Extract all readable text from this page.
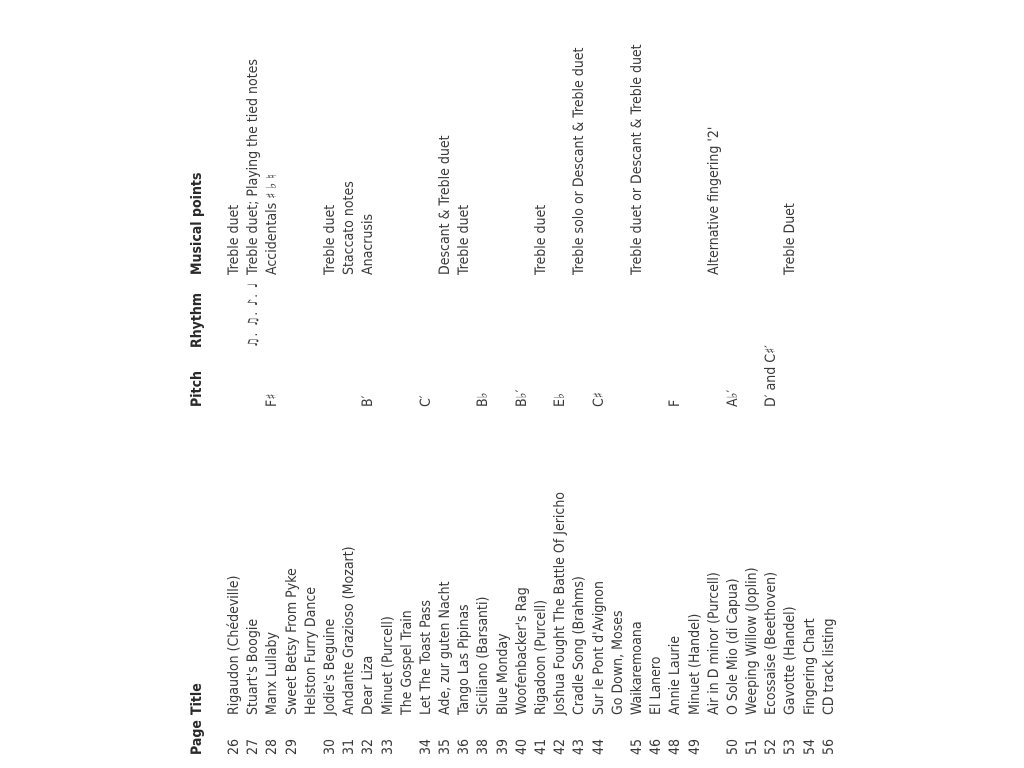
Page
Title
Pitch
Rhythm
Musical points
26
Rigaudon (Chédeville)
Treble duet
27
Stuart's Boogie
♫. ♫. ♪. ♩
Treble duet; Playing the tied notes
28
Manx Lullaby
F♯
Accidentals ♯ ♭ ♮
29
Sweet Betsy From Pyke Helston Furry Dance
30
Jodie's Beguine
Treble duet
31
Andante Grazioso (Mozart)
Staccato notes
32
Dear Liza
B′
Anacrusis
33
Minuet (Purcell) The Gospel Train
34
Let The Toast Pass
C′
35
Ade, zur guten Nacht
Descant & Treble duet
36
Tango Las Pipinas
Treble duet
38
Siciliano (Barsanti)
B♭
39
Blue Monday
40
Woofenbacker's Rag
B♭′
41
Rigadoon (Purcell)
Treble duet
42
Joshua Fought The Battle Of Jericho
E♭
43
Cradle Song (Brahms)
Treble solo or Descant & Treble duet
44
Sur le Pont d'Avignon
C♯
Go Down, Moses
45
Waikaremoana
Treble duet or Descant & Treble duet
46
El Lanero
48
Annie Laurie
F
49
Minuet (Handel) Air in D minor (Purcell)
Alternative fingering '2'
50
O Sole Mio (di Capua)
A♭′
51
Weeping Willow (Joplin)
52
Ecossaise (Beethoven)
D′ and C♯′
53
Gavotte (Handel)
Treble Duet
54
Fingering Chart
56
CD track listing
